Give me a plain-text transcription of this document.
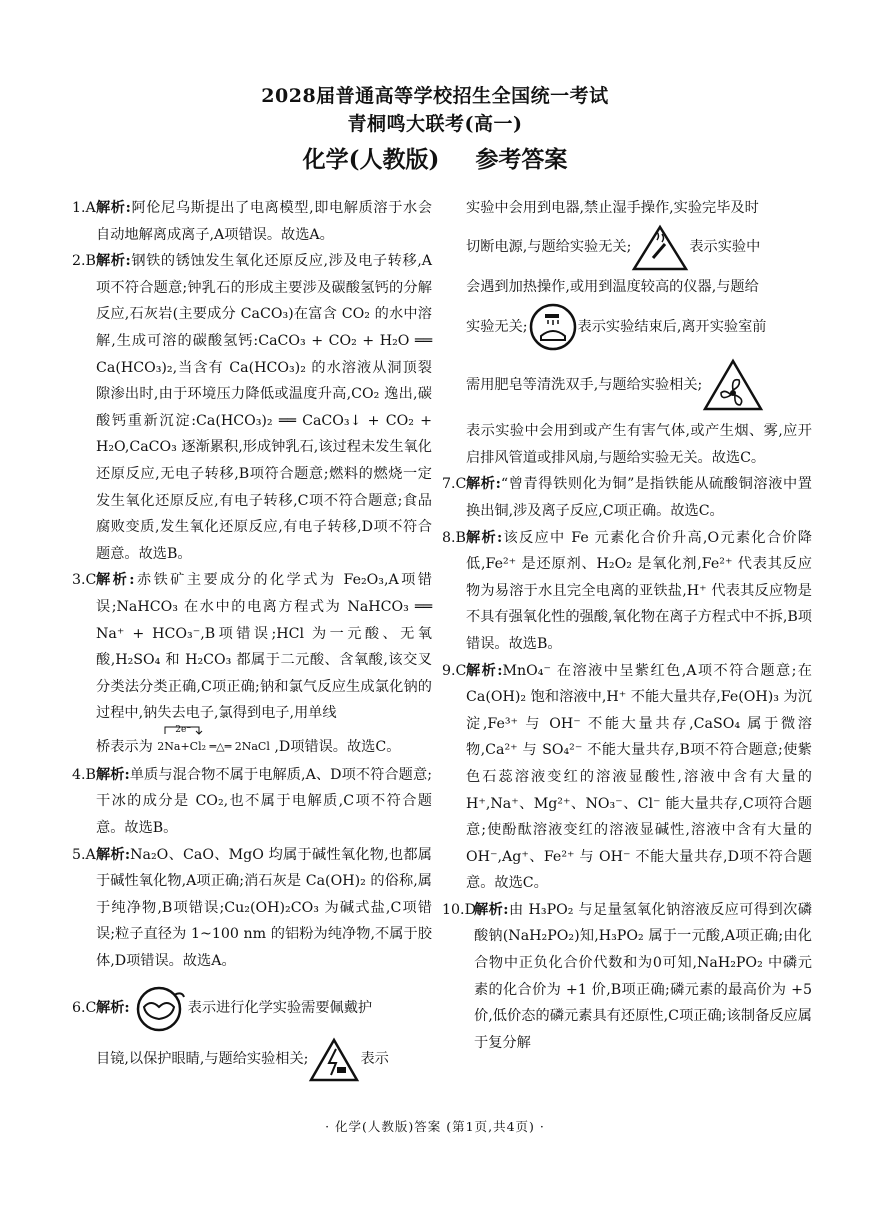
2028届普通高等学校招生全国统一考试
青桐鸣大联考(高一)
化学(人教版) 参考答案
1.A 解析:阿伦尼乌斯提出了电离模型,即电解质溶于水会自动地解离成离子,A项错误。故选A。
2.B 解析:钢铁的锈蚀发生氧化还原反应,涉及电子转移,A项不符合题意;钟乳石的形成主要涉及碳酸氢钙的分解反应,石灰岩(主要成分 CaCO₃)在富含 CO₂ 的水中溶解,生成可溶的碳酸氢钙:CaCO₃ + CO₂ + H₂O ══ Ca(HCO₃)₂,当含有 Ca(HCO₃)₂ 的水溶液从洞顶裂隙渗出时,由于环境压力降低或温度升高,CO₂ 逸出,碳酸钙重新沉淀:Ca(HCO₃)₂ ══ CaCO₃↓ + CO₂ + H₂O,CaCO₃ 逐渐累积,形成钟乳石,该过程未发生氧化还原反应,无电子转移,B项符合题意;燃料的燃烧一定发生氧化还原反应,有电子转移,C项不符合题意;食品腐败变质,发生氧化还原反应,有电子转移,D项不符合题意。故选B。
3.C 解析:赤铁矿主要成分的化学式为 Fe₂O₃,A项错误;NaHCO₃ 在水中的电离方程式为 NaHCO₃ ══ Na⁺ + HCO₃⁻,B项错误;HCl 为一元酸、无氧酸,H₂SO₄ 和 H₂CO₃ 都属于二元酸、含氧酸,该交叉分类法分类正确,C项正确;钠和氯气反应生成氯化钠的过程中,钠失去电子,氯得到电子,用单线
桥表示为
2e⁻
2Na+Cl₂ ═△═ 2NaCl ,D项错误。故选C。
4.B 解析:单质与混合物不属于电解质,A、D项不符合题意;干冰的成分是 CO₂,也不属于电解质,C项不符合题意。故选B。
5.A 解析:Na₂O、CaO、MgO 均属于碱性氧化物,也都属于碱性氧化物,A项正确;消石灰是 Ca(OH)₂ 的俗称,属于纯净物,B项错误;Cu₂(OH)₂CO₃ 为碱式盐,C项错误;粒子直径为 1~100 nm 的铝粉为纯净物,不属于胶体,D项错误。故选A。
6.C 解析:	表示进行化学实验需要佩戴护
目镜,以保护眼睛,与题给实验相关;	表示

实验中会用到电器,禁止湿手操作,实验完毕及时

切断电源,与题给实验无关;	表示实验中

会遇到加热操作,或用到温度较高的仪器,与题给

实验无关;	表示实验结束后,离开实验室前
需用肥皂等清洗双手,与题给实验相关;

表示实验中会用到或产生有害气体,或产生烟、雾,应开启排风管道或排风扇,与题给实验无关。故选C。

7.C 解析:“曾青得铁则化为铜”是指铁能从硫酸铜溶液中置换出铜,涉及离子反应,C项正确。故选C。
8.B 解析:该反应中 Fe 元素化合价升高,O元素化合价降低,Fe²⁺ 是还原剂、H₂O₂ 是氧化剂,Fe²⁺ 代表其反应物为易溶于水且完全电离的亚铁盐,H⁺ 代表其反应物是不具有强氧化性的强酸,氧化物在离子方程式中不拆,B项错误。故选B。
9.C 解析:MnO₄⁻ 在溶液中呈紫红色,A项不符合题意;在 Ca(OH)₂ 饱和溶液中,H⁺ 不能大量共存,Fe(OH)₃ 为沉淀,Fe³⁺ 与 OH⁻ 不能大量共存,CaSO₄ 属于微溶物,Ca²⁺ 与 SO₄²⁻ 不能大量共存,B项不符合题意;使紫色石蕊溶液变红的溶液显酸性,溶液中含有大量的 H⁺,Na⁺、Mg²⁺、NO₃⁻、Cl⁻ 能大量共存,C项符合题意;使酚酞溶液变红的溶液显碱性,溶液中含有大量的 OH⁻,Ag⁺、Fe²⁺ 与 OH⁻ 不能大量共存,D项不符合题意。故选C。
10.D
解析:由 H₃PO₂ 与足量氢氧化钠溶液反应可得到次磷酸钠(NaH₂PO₂)知,H₃PO₂ 属于一元酸,A项正确;由化合物中正负化合价代数和为0可知,NaH₂PO₂ 中磷元素的化合价为 +1 价,B项正确;磷元素的最高价为 +5 价,低价态的磷元素具有还原性,C项正确;该制备反应属于复分解
· 化学(人教版)答案 (第1页,共4页) ·
